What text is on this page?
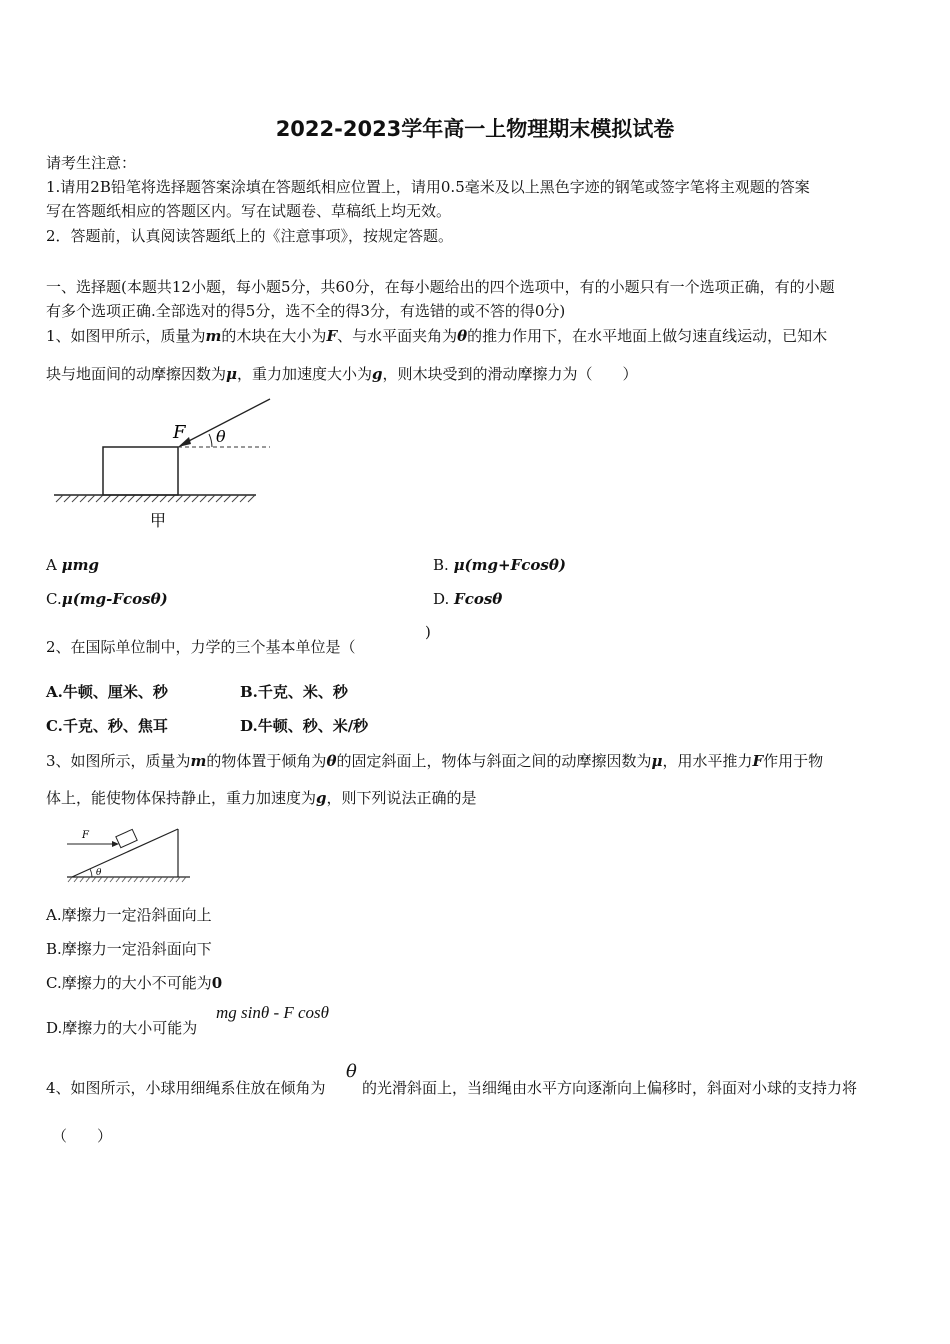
2022-2023学年高一上物理期末模拟试卷
请考生注意：
1.请用2B铅笔将选择题答案涂填在答题纸相应位置上，请用0.5毫米及以上黑色字迹的钢笔或签字笔将主观题的答案
写在答题纸相应的答题区内。写在试题卷、草稿纸上均无效。
2．答题前，认真阅读答题纸上的《注意事项》，按规定答题。
一、选择题(本题共12小题，每小题5分，共60分，在每小题给出的四个选项中，有的小题只有一个选项正确，有的小题
有多个选项正确.全部选对的得5分，选不全的得3分，有选错的或不答的得0分)
1、如图甲所示，质量为m的木块在大小为F、与水平面夹角为θ的推力作用下，在水平地面上做匀速直线运动，已知木
块与地面间的动摩擦因数为μ，重力加速度大小为g，则木块受到的滑动摩擦力为（　　）
F θ
甲
A μmg	B. μ(mg+Fcosθ)
C.μ(mg-Fcosθ)	D. Fcosθ
2、在国际单位制中，力学的三个基本单位是（
)
A.牛顿、厘米、秒	B.千克、米、秒
C.千克、秒、焦耳	D.牛顿、秒、米/秒
3、如图所示，质量为m的物体置于倾角为θ的固定斜面上，物体与斜面之间的动摩擦因数为μ，用水平推力F作用于物
体上，能使物体保持静止，重力加速度为g，则下列说法正确的是
F
θ
A.摩擦力一定沿斜面向上
B.摩擦力一定沿斜面向下
C.摩擦力的大小不可能为0
D.摩擦力的大小可能为
mg sinθ - F cosθ
4、如图所示，小球用细绳系住放在倾角为
θ
的光滑斜面上，当细绳由水平方向逐渐向上偏移时，斜面对小球的支持力将
（　　）
